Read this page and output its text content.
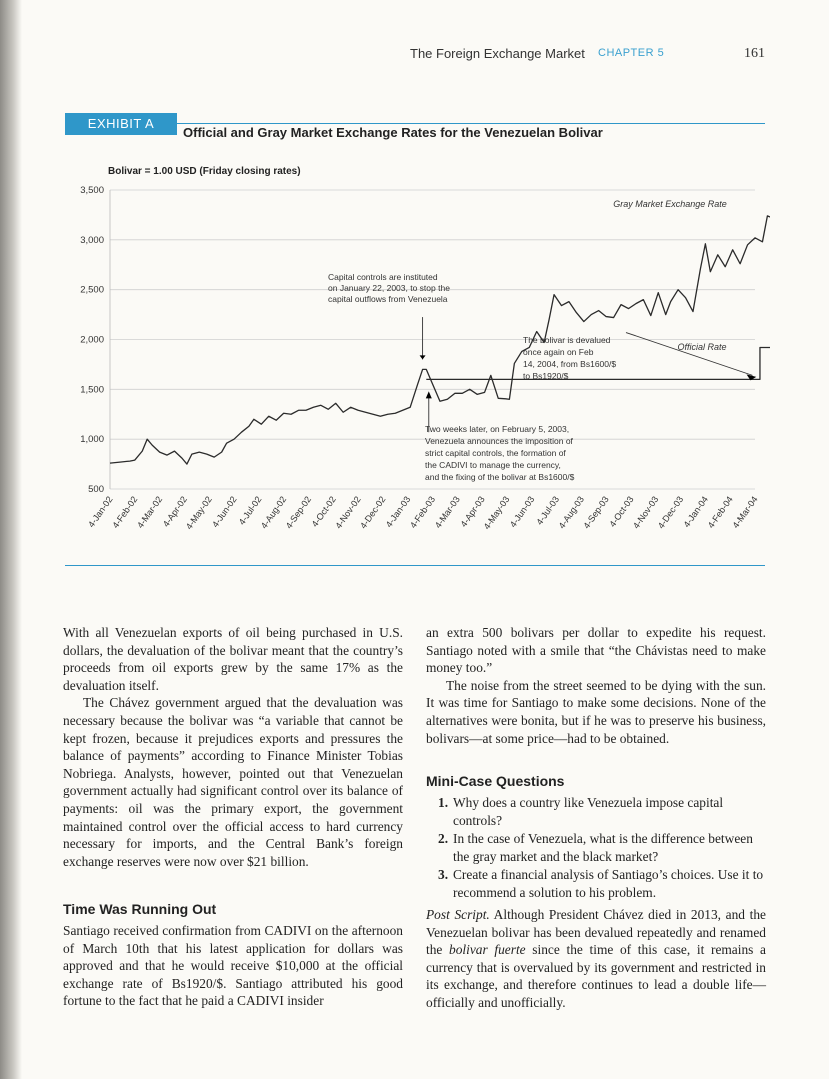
The Foreign Exchange Market CHAPTER 5	161
EXHIBIT A
Official and Gray Market Exchange Rates for the Venezuelan Bolivar
Bolivar = 1.00 USD (Friday closing rates)
500
1,000
1,500
2,000
2,500
3,000
3,500
4-Jan-02
4-Feb-02
4-Mar-02
4-Apr-02
4-May-02
4-Jun-02
4-Jul-02
4-Aug-02
4-Sep-02
4-Oct-02
4-Nov-02
4-Dec-02
4-Jan-03
4-Feb-03
4-Mar-03
4-Apr-03
4-May-03
4-Jun-03
4-Jul-03
4-Aug-03
4-Sep-03
4-Oct-03
4-Nov-03
4-Dec-03
4-Jan-04
4-Feb-04
4-Mar-04
Gray Market Exchange Rate
Official Rate
Capital controls are instituted
on January 22, 2003, to stop the
capital outflows from Venezuela
Two weeks later, on February 5, 2003,
Venezuela announces the imposition of
strict capital controls, the formation of
the CADIVI to manage the currency,
and the fixing of the bolivar at Bs1600/$
The bolivar is devalued
once again on Feb
14, 2004, from Bs1600/$
to Bs1920/$

With all Venezuelan exports of oil being purchased in U.S. dollars, the devaluation of the bolivar meant that the country’s proceeds from oil exports grew by the same 17% as the devaluation itself.

The Chávez government argued that the devaluation was necessary because the bolivar was “a variable that cannot be kept frozen, because it prejudices exports and pressures the balance of payments” according to Finance Minister Tobias Nobriega. Analysts, however, pointed out that Venezuelan government actually had significant control over its balance of payments: oil was the primary export, the government maintained control over the official access to hard currency necessary for imports, and the Central Bank’s foreign exchange reserves were now over $21 billion.

Time Was Running Out

Santiago received confirmation from CADIVI on the afternoon of March 10th that his latest application for dollars was approved and that he would receive $10,000 at the official exchange rate of Bs1920/$. Santiago attributed his good fortune to the fact that he paid a CADIVI insider

an extra 500 bolivars per dollar to expedite his request. Santiago noted with a smile that “the Chávistas need to make money too.”

The noise from the street seemed to be dying with the sun. It was time for Santiago to make some decisions. None of the alternatives were bonita, but if he was to preserve his business, bolivars—at some price—had to be obtained.

Mini-Case Questions
1. Why does a country like Venezuela impose capital controls?
2. In the case of Venezuela, what is the difference between the gray market and the black market?
3. Create a financial analysis of Santiago’s choices. Use it to recommend a solution to his problem.

Post Script. Although President Chávez died in 2013, and the Venezuelan bolivar has been devalued repeatedly and renamed the bolivar fuerte since the time of this case, it remains a currency that is overvalued by its government and restricted in its exchange, and therefore continues to lead a double life—officially and unofficially.
